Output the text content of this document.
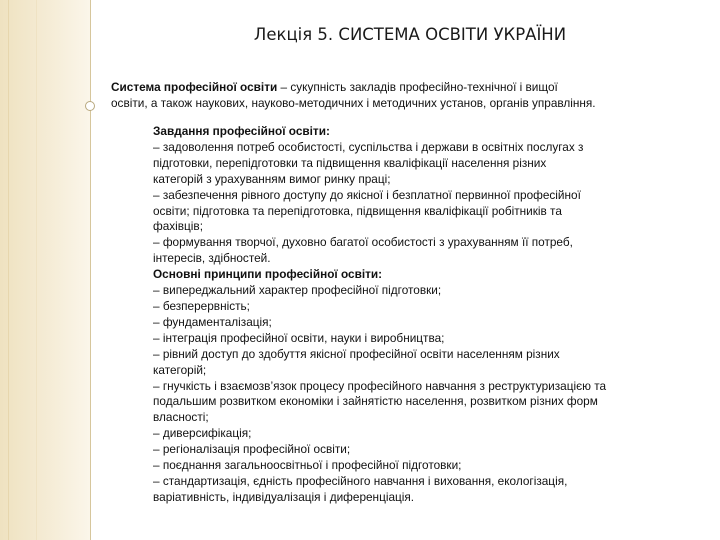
Лекція 5. СИСТЕМА ОСВІТИ УКРАЇНИ
Система професійної освіти – сукупність закладів професійно-технічної і вищої
освіти, а також наукових, науково-методичних і методичних установ, органів управління.
Завдання професійної освіти:
– задоволення потреб особистості, суспільства і держави в освітніх послугах з
підготовки, перепідготовки та підвищення кваліфікації населення різних
категорій з урахуванням вимог ринку праці;
– забезпечення рівного доступу до якісної і безплатної первинної професійної
освіти; підготовка та перепідготовка, підвищення кваліфікації робітників та
фахівців;
– формування творчої, духовно багатої особистості з урахуванням її потреб,
інтересів, здібностей.
Основні принципи професійної освіти:
– випереджальний характер професійної підготовки;
– безперервність;
– фундаменталізація;
– інтеграція професійної освіти, науки і виробництва;
– рівний доступ до здобуття якісної професійної освіти населенням різних
категорій;
– гнучкість і взаємозв’язок процесу професійного навчання з реструктуризацією та
подальшим розвитком економіки і зайнятістю населення, розвитком різних форм
власності;
– диверсифікація;
– регіоналізація професійної освіти;
– поєднання загальноосвітньої і професійної підготовки;
– стандартизація, єдність професійного навчання і виховання, екологізація,
варіативність, індивідуалізація і диференціація.
